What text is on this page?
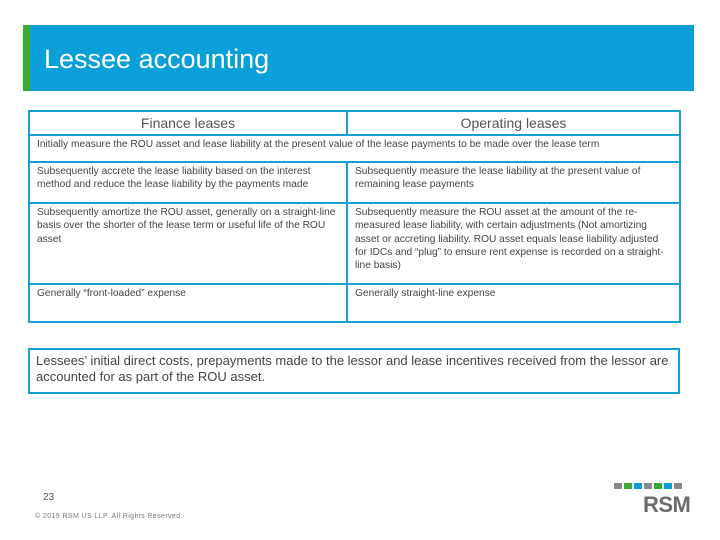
Lessee accounting
Finance leases	Operating leases
Initially measure the ROU asset and lease liability at the present value of the lease payments to be made over the lease term	
Subsequently accrete the lease liability based on the interest method and reduce the lease liability by the payments made	Subsequently measure the lease liability at the present value of remaining lease payments
Subsequently amortize the ROU asset, generally on a straight-line basis over the shorter of the lease term or useful life of the ROU asset	Subsequently measure the ROU asset at the amount of the re-measured lease liability, with certain adjustments (Not amortizing asset or accreting liability. ROU asset equals lease liability adjusted for IDCs and “plug” to ensure rent expense is recorded on a straight-line basis)
Generally “front-loaded” expense	Generally straight-line expense
Lessees’ initial direct costs, prepayments made to the lessor and lease incentives received from the lessor are accounted for as part of the ROU asset.
23
© 2019 RSM US LLP. All Rights Reserved.	RSM
